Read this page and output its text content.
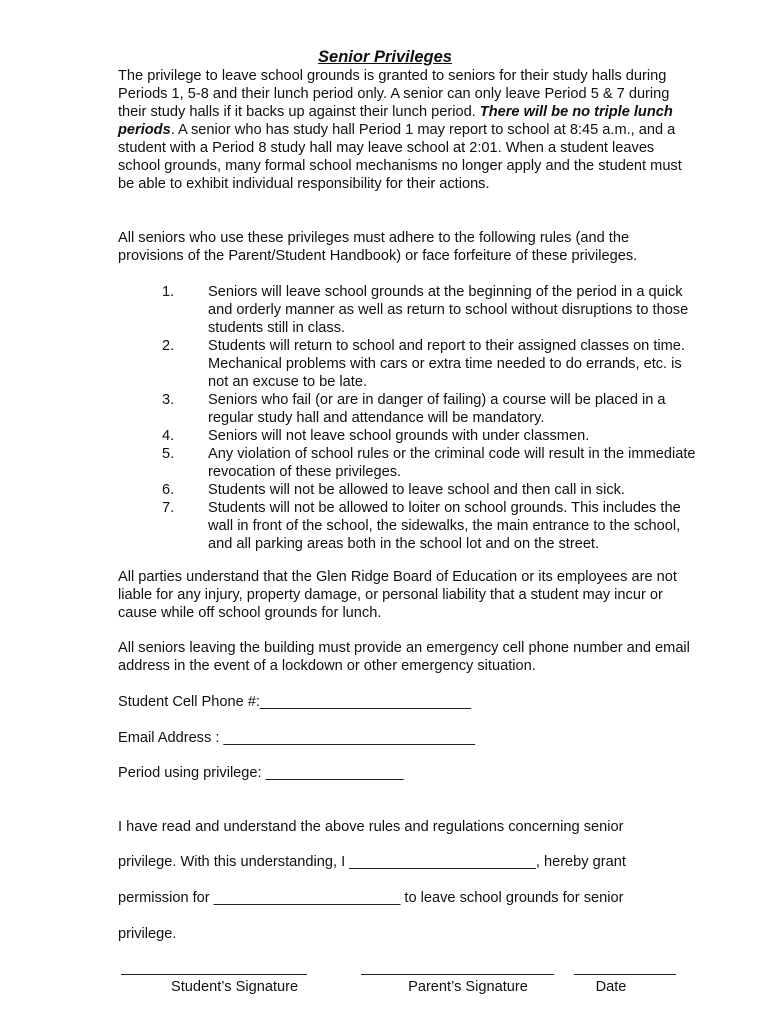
Senior Privileges

The privilege to leave school grounds is granted to seniors for their study halls during Periods 1, 5-8 and their lunch period only. A senior can only leave Period 5 & 7 during their study halls if it backs up against their lunch period. There will be no triple lunch periods. A senior who has study hall Period 1 may report to school at 8:45 a.m., and a student with a Period 8 study hall may leave school at 2:01. When a student leaves school grounds, many formal school mechanisms no longer apply and the student must be able to exhibit individual responsibility for their actions.

All seniors who use these privileges must adhere to the following rules (and the provisions of the Parent/Student Handbook) or face forfeiture of these privileges.

1. Seniors will leave school grounds at the beginning of the period in a quick and orderly manner as well as return to school without disruptions to those students still in class.
2. Students will return to school and report to their assigned classes on time. Mechanical problems with cars or extra time needed to do errands, etc. is not an excuse to be late.
3. Seniors who fail (or are in danger of failing) a course will be placed in a regular study hall and attendance will be mandatory.
4. Seniors will not leave school grounds with under classmen.
5. Any violation of school rules or the criminal code will result in the immediate revocation of these privileges.
6. Students will not be allowed to leave school and then call in sick.
7. Students will not be allowed to loiter on school grounds. This includes the wall in front of the school, the sidewalks, the main entrance to the school, and all parking areas both in the school lot and on the street.

All parties understand that the Glen Ridge Board of Education or its employees are not liable for any injury, property damage, or personal liability that a student may incur or cause while off school grounds for lunch.

All seniors leaving the building must provide an emergency cell phone number and email address in the event of a lockdown or other emergency situation.

Student Cell Phone #:__________________________
Email Address : _______________________________
Period using privilege: _________________
I have read and understand the above rules and regulations concerning senior
privilege. With this understanding, I _______________________, hereby grant
permission for _______________________ to leave school grounds for senior
privilege.
Student’s Signature	Parent’s Signature	Date
